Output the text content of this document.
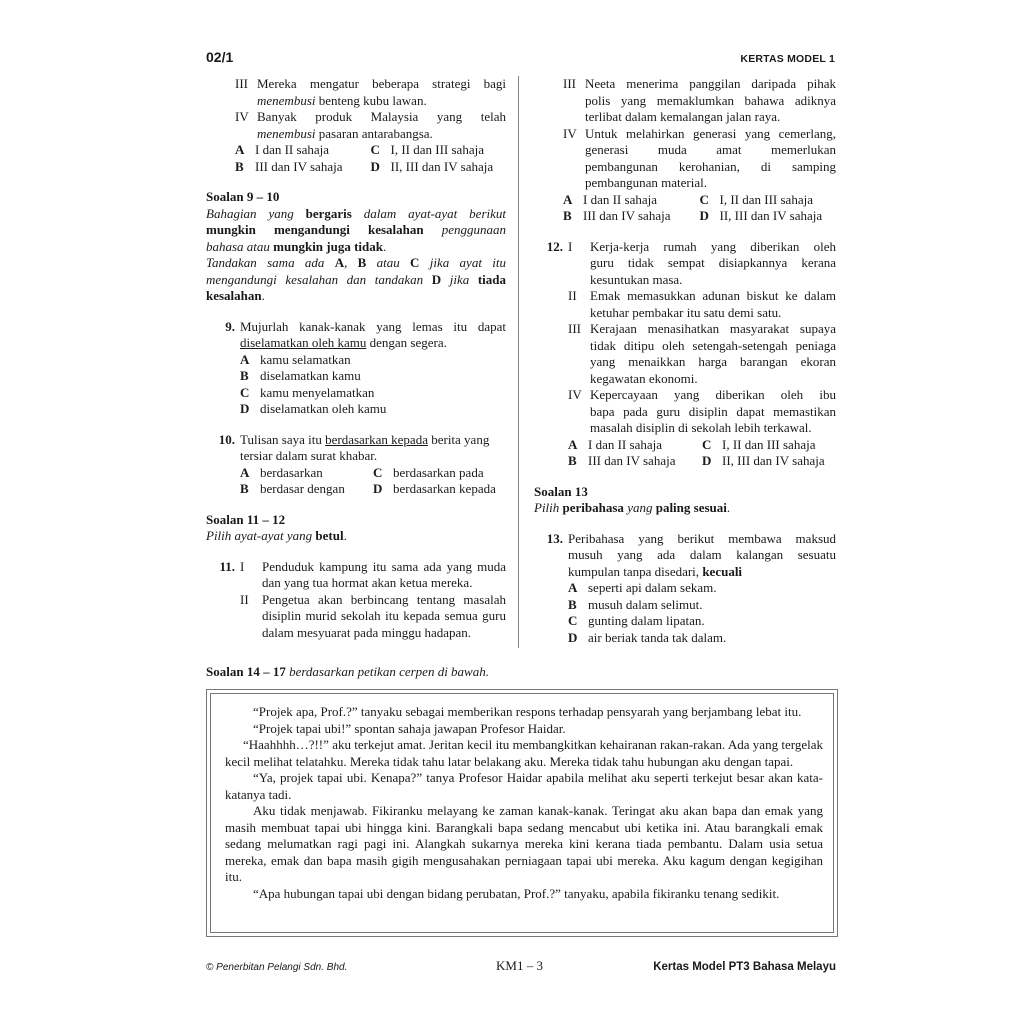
02/1	KERTAS MODEL 1
III Mereka mengatur beberapa strategi bagi
menembusi benteng kubu lawan.
IV Banyak produk Malaysia yang telah
menembusi pasaran antarabangsa.
A I dan II sahaja	C I, II dan III sahaja
B III dan IV sahaja D II, III dan IV sahaja
Soalan 9 – 10
Bahagian yang bergaris dalam ayat-ayat berikut
mungkin mengandungi kesalahan penggunaan
bahasa atau mungkin juga tidak.
Tandakan sama ada A, B atau C jika ayat itu
mengandungi kesalahan dan tandakan D jika tiada
kesalahan.
9. Mujurlah kanak-kanak yang lemas itu dapat
diselamatkan oleh kamu dengan segera.
A kamu selamatkan
B diselamatkan kamu
C kamu menyelamatkan
D diselamatkan oleh kamu
10. Tulisan saya itu berdasarkan kepada berita yang
tersiar dalam surat khabar.
A berdasarkan	C berdasarkan pada
B berdasar dengan D berdasarkan kepada
Soalan 11 – 12
Pilih ayat-ayat yang betul.
11. I	Penduduk kampung itu sama ada yang muda
dan yang tua hormat akan ketua mereka.
II	Pengetua akan berbincang tentang masalah
disiplin murid sekolah itu kepada semua guru
dalam mesyuarat pada minggu hadapan.
III Neeta menerima panggilan daripada pihak
polis yang memaklumkan bahawa adiknya
terlibat dalam kemalangan jalan raya.
IV Untuk melahirkan generasi yang cemerlang,
generasi muda amat memerlukan
pembangunan kerohanian, di samping
pembangunan material.
A I dan II sahaja	C I, II dan III sahaja
B III dan IV sahaja D II, III dan IV sahaja
12. I	Kerja-kerja rumah yang diberikan oleh
guru tidak sempat disiapkannya kerana
kesuntukan masa.
II	Emak memasukkan adunan biskut ke dalam
ketuhar pembakar itu satu demi satu.
III Kerajaan menasihatkan masyarakat supaya
tidak ditipu oleh setengah-setengah peniaga
yang menaikkan harga barangan ekoran
kegawatan ekonomi.
IV Kepercayaan yang diberikan oleh ibu
bapa pada guru disiplin dapat memastikan
masalah disiplin di sekolah lebih terkawal.
A I dan II sahaja	C I, II dan III sahaja
B III dan IV sahaja D II, III dan IV sahaja
Soalan 13
Pilih peribahasa yang paling sesuai.
13. Peribahasa yang berikut membawa maksud
musuh yang ada dalam kalangan sesuatu
kumpulan tanpa disedari, kecuali
A seperti api dalam sekam.
B musuh dalam selimut.
C gunting dalam lipatan.
D air beriak tanda tak dalam.
Soalan 14 – 17 berdasarkan petikan cerpen di bawah.
“Projek apa, Prof.?” tanyaku sebagai memberikan respons terhadap pensyarah yang berjambang lebat itu.
“Projek tapai ubi!” spontan sahaja jawapan Profesor Haidar.
“Haahhhh…?!!” aku terkejut amat. Jeritan kecil itu membangkitkan kehairanan rakan-rakan. Ada yang tergelak kecil melihat telatahku. Mereka tidak tahu latar belakang aku. Mereka tidak tahu hubungan aku dengan tapai.
“Ya, projek tapai ubi. Kenapa?” tanya Profesor Haidar apabila melihat aku seperti terkejut besar akan kata-katanya tadi.
Aku tidak menjawab. Fikiranku melayang ke zaman kanak-kanak. Teringat aku akan bapa dan emak yang masih membuat tapai ubi hingga kini. Barangkali bapa sedang mencabut ubi ketika ini. Atau barangkali emak sedang melumatkan ragi pagi ini. Alangkah sukarnya mereka kini kerana tiada pembantu. Dalam usia setua mereka, emak dan bapa masih gigih mengusahakan perniagaan tapai ubi mereka. Aku kagum dengan kegigihan itu.
“Apa hubungan tapai ubi dengan bidang perubatan, Prof.?” tanyaku, apabila fikiranku tenang sedikit.
© Penerbitan Pelangi Sdn. Bhd.	KM1 – 3	Kertas Model PT3 Bahasa Melayu
